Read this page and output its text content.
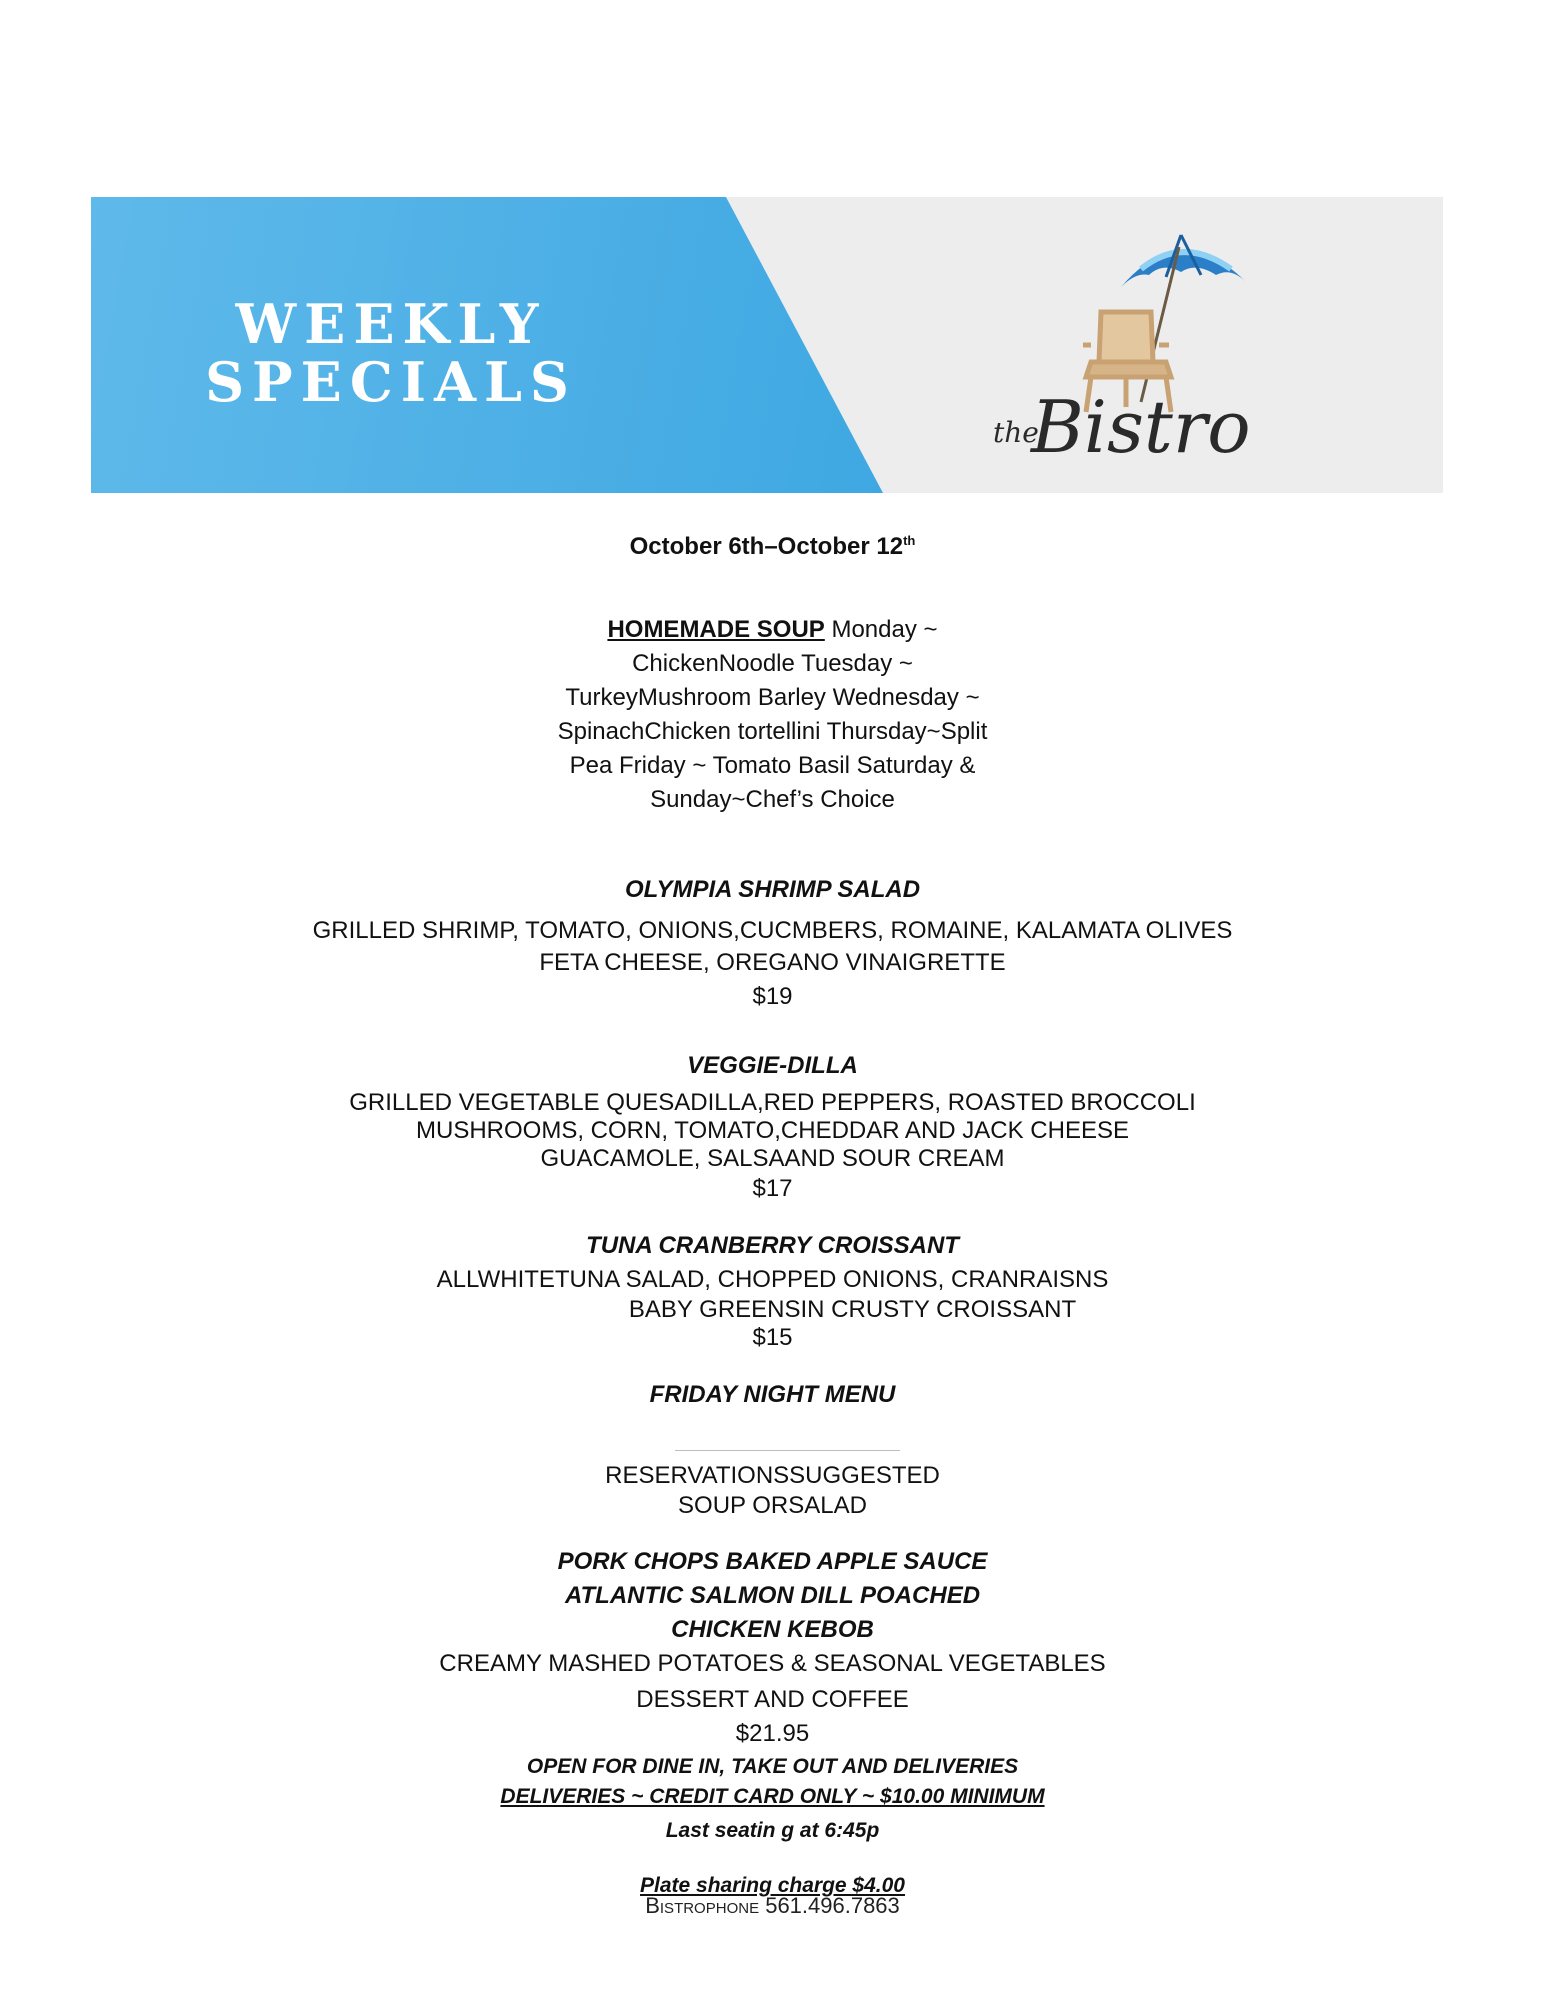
WEEKLY
SPECIALS
the
Bistro
October 6th–October 12th
HOMEMADE SOUP Monday ~
ChickenNoodle Tuesday ~
TurkeyMushroom Barley Wednesday ~
SpinachChicken tortellini Thursday~Split
Pea Friday ~ Tomato Basil Saturday &
Sunday~Chef’s Choice
OLYMPIA SHRIMP SALAD
GRILLED SHRIMP, TOMATO, ONIONS,CUCMBERS, ROMAINE, KALAMATA OLIVES
FETA CHEESE, OREGANO VINAIGRETTE
$19
VEGGIE-DILLA
GRILLED VEGETABLE QUESADILLA,RED PEPPERS, ROASTED BROCCOLI
MUSHROOMS, CORN, TOMATO,CHEDDAR AND JACK CHEESE
GUACAMOLE, SALSAAND SOUR CREAM
$17
TUNA CRANBERRY CROISSANT
ALLWHITETUNA SALAD, CHOPPED ONIONS, CRANRAISNS
BABY GREENSIN CRUSTY CROISSANT
$15
FRIDAY NIGHT MENU
RESERVATIONSSUGGESTED
SOUP ORSALAD
PORK CHOPS BAKED APPLE SAUCE
ATLANTIC SALMON DILL POACHED
CHICKEN KEBOB
CREAMY MASHED POTATOES & SEASONAL VEGETABLES
DESSERT AND COFFEE
$21.95
OPEN FOR DINE IN, TAKE OUT AND DELIVERIES
DELIVERIES ~ CREDIT CARD ONLY ~ $10.00 MINIMUM
Last seatin g at 6:45p
Plate sharing charge $4.00
Bistrophone 561.496.7863
